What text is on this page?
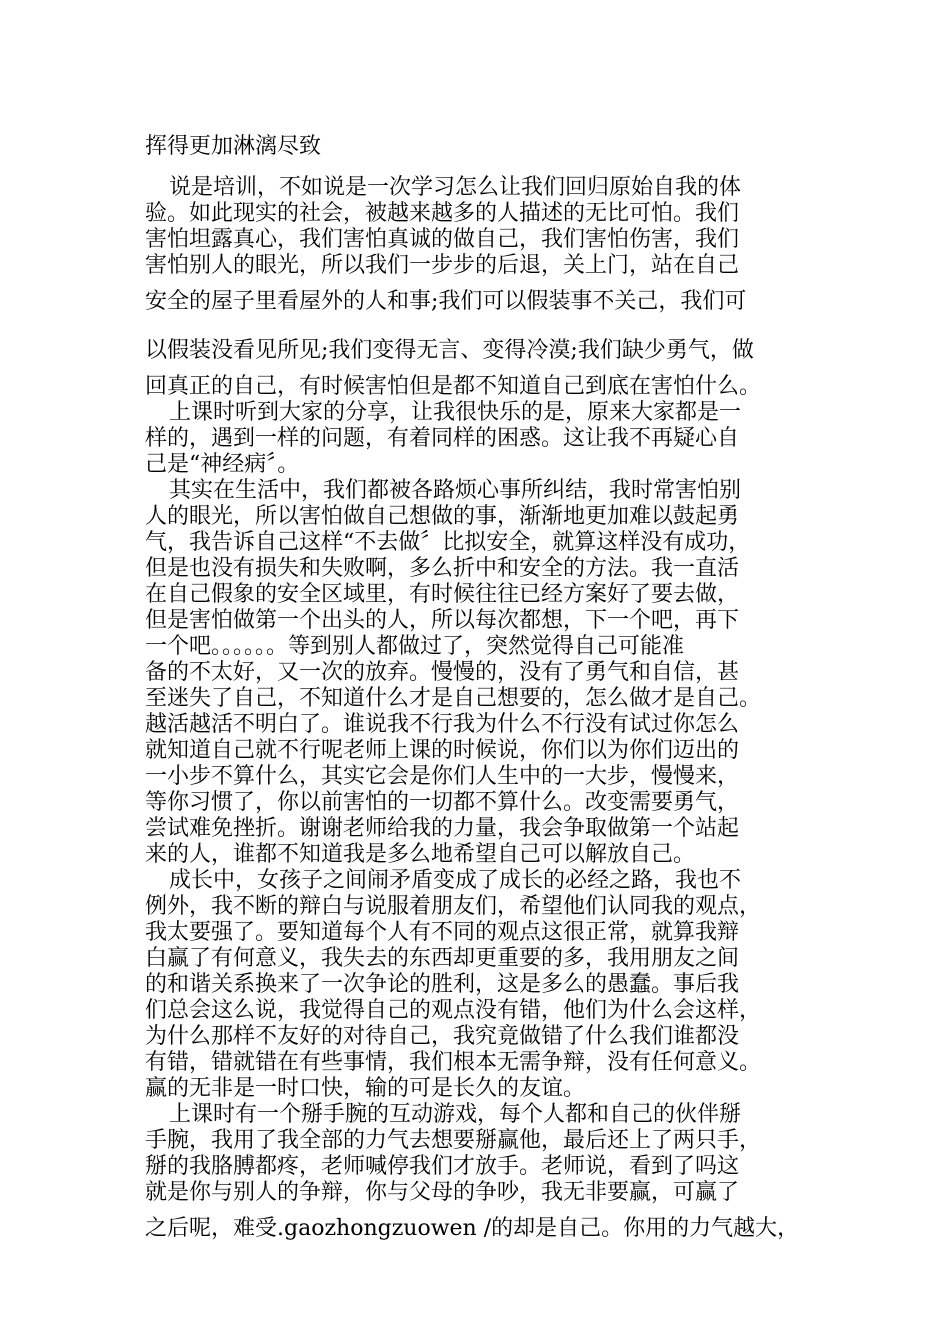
挥得更加淋漓尽致
说是培训，不如说是一次学习怎么让我们回归原始自我的体
验。如此现实的社会，被越来越多的人描述的无比可怕。我们
害怕坦露真心，我们害怕真诚的做自己，我们害怕伤害，我们
害怕别人的眼光，所以我们一步步的后退，关上门，站在自己
安全的屋子里看屋外的人和事;我们可以假装事不关己，我们可
以假装没看见所见;我们变得无言、变得冷漠;我们缺少勇气，做
回真正的自己，有时候害怕但是都不知道自己到底在害怕什么。
上课时听到大家的分享，让我很快乐的是，原来大家都是一
样的，遇到一样的问题，有着同样的困惑。这让我不再疑心自
己是“神经病〞。
其实在生活中，我们都被各路烦心事所纠结，我时常害怕别
人的眼光，所以害怕做自己想做的事，渐渐地更加难以鼓起勇
气，我告诉自己这样“不去做〞比拟安全，就算这样没有成功，
但是也没有损失和失败啊，多么折中和安全的方法。我一直活
在自己假象的安全区域里，有时候往往已经方案好了要去做，
但是害怕做第一个出头的人，所以每次都想，下一个吧，再下
一个吧。。。。。。等到别人都做过了，突然觉得自己可能准
备的不太好，又一次的放弃。慢慢的，没有了勇气和自信，甚
至迷失了自己，不知道什么才是自己想要的，怎么做才是自己。
越活越活不明白了。谁说我不行我为什么不行没有试过你怎么
就知道自己就不行呢老师上课的时候说，你们以为你们迈出的
一小步不算什么，其实它会是你们人生中的一大步，慢慢来，
等你习惯了，你以前害怕的一切都不算什么。改变需要勇气，
尝试难免挫折。谢谢老师给我的力量，我会争取做第一个站起
来的人，谁都不知道我是多么地希望自己可以解放自己。
成长中，女孩子之间闹矛盾变成了成长的必经之路，我也不
例外，我不断的辩白与说服着朋友们，希望他们认同我的观点，
我太要强了。要知道每个人有不同的观点这很正常，就算我辩
白赢了有何意义，我失去的东西却更重要的多，我用朋友之间
的和谐关系换来了一次争论的胜利，这是多么的愚蠢。事后我
们总会这么说，我觉得自己的观点没有错，他们为什么会这样，
为什么那样不友好的对待自己，我究竟做错了什么我们谁都没
有错，错就错在有些事情，我们根本无需争辩，没有任何意义。
赢的无非是一时口快，输的可是长久的友谊。
上课时有一个掰手腕的互动游戏，每个人都和自己的伙伴掰
手腕，我用了我全部的力气去想要掰赢他，最后还上了两只手，
掰的我胳膊都疼，老师喊停我们才放手。老师说，看到了吗这
就是你与别人的争辩，你与父母的争吵，我无非要赢，可赢了
之后呢，难受.gaozhongzuowen /的却是自己。你用的力气越大，
